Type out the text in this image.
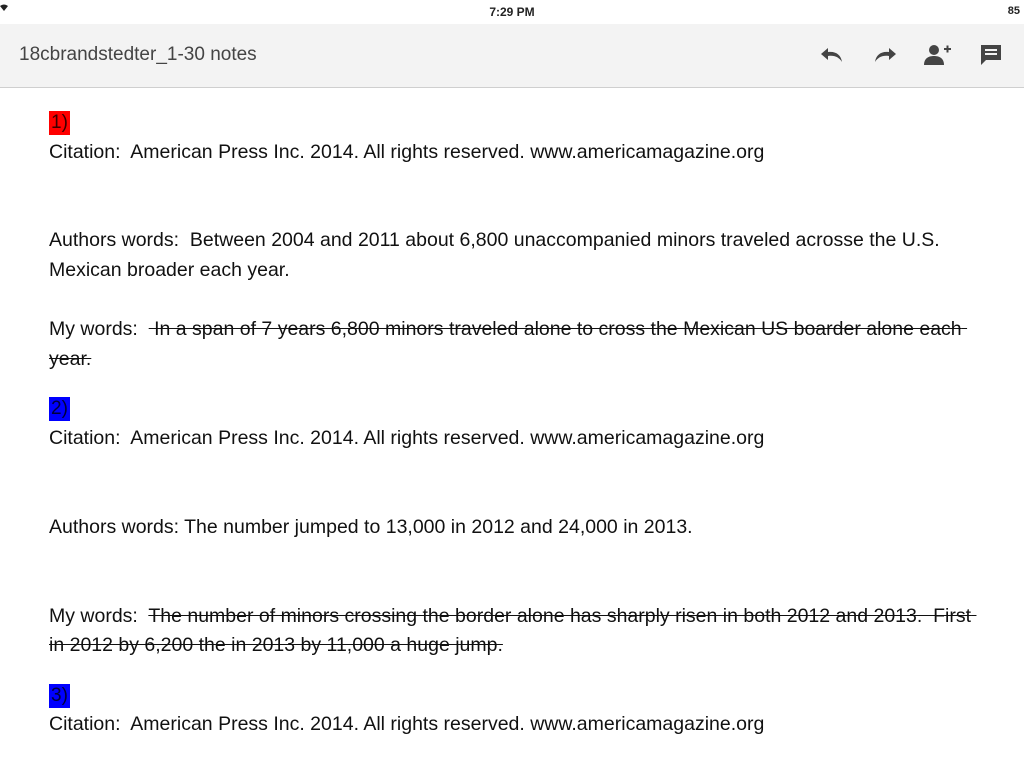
7:29 PM	85
18cbrandstedter_1-30 notes
1)
Citation:  American Press Inc. 2014. All rights reserved. www.americamagazine.org
Authors words:  Between 2004 and 2011 about 6,800 unaccompanied minors traveled acrosse the U.S. Mexican broader each year.
My words:   In a span of 7 years 6,800 minors traveled alone to cross the Mexican US boarder alone each year.
2)
Citation:  American Press Inc. 2014. All rights reserved. www.americamagazine.org
Authors words: The number jumped to 13,000 in 2012 and 24,000 in 2013.
My words:  The number of minors crossing the border alone has sharply risen in both 2012 and 2013.  First in 2012 by 6,200 the in 2013 by 11,000 a huge jump.
3)
Citation:  American Press Inc. 2014. All rights reserved. www.americamagazine.org
